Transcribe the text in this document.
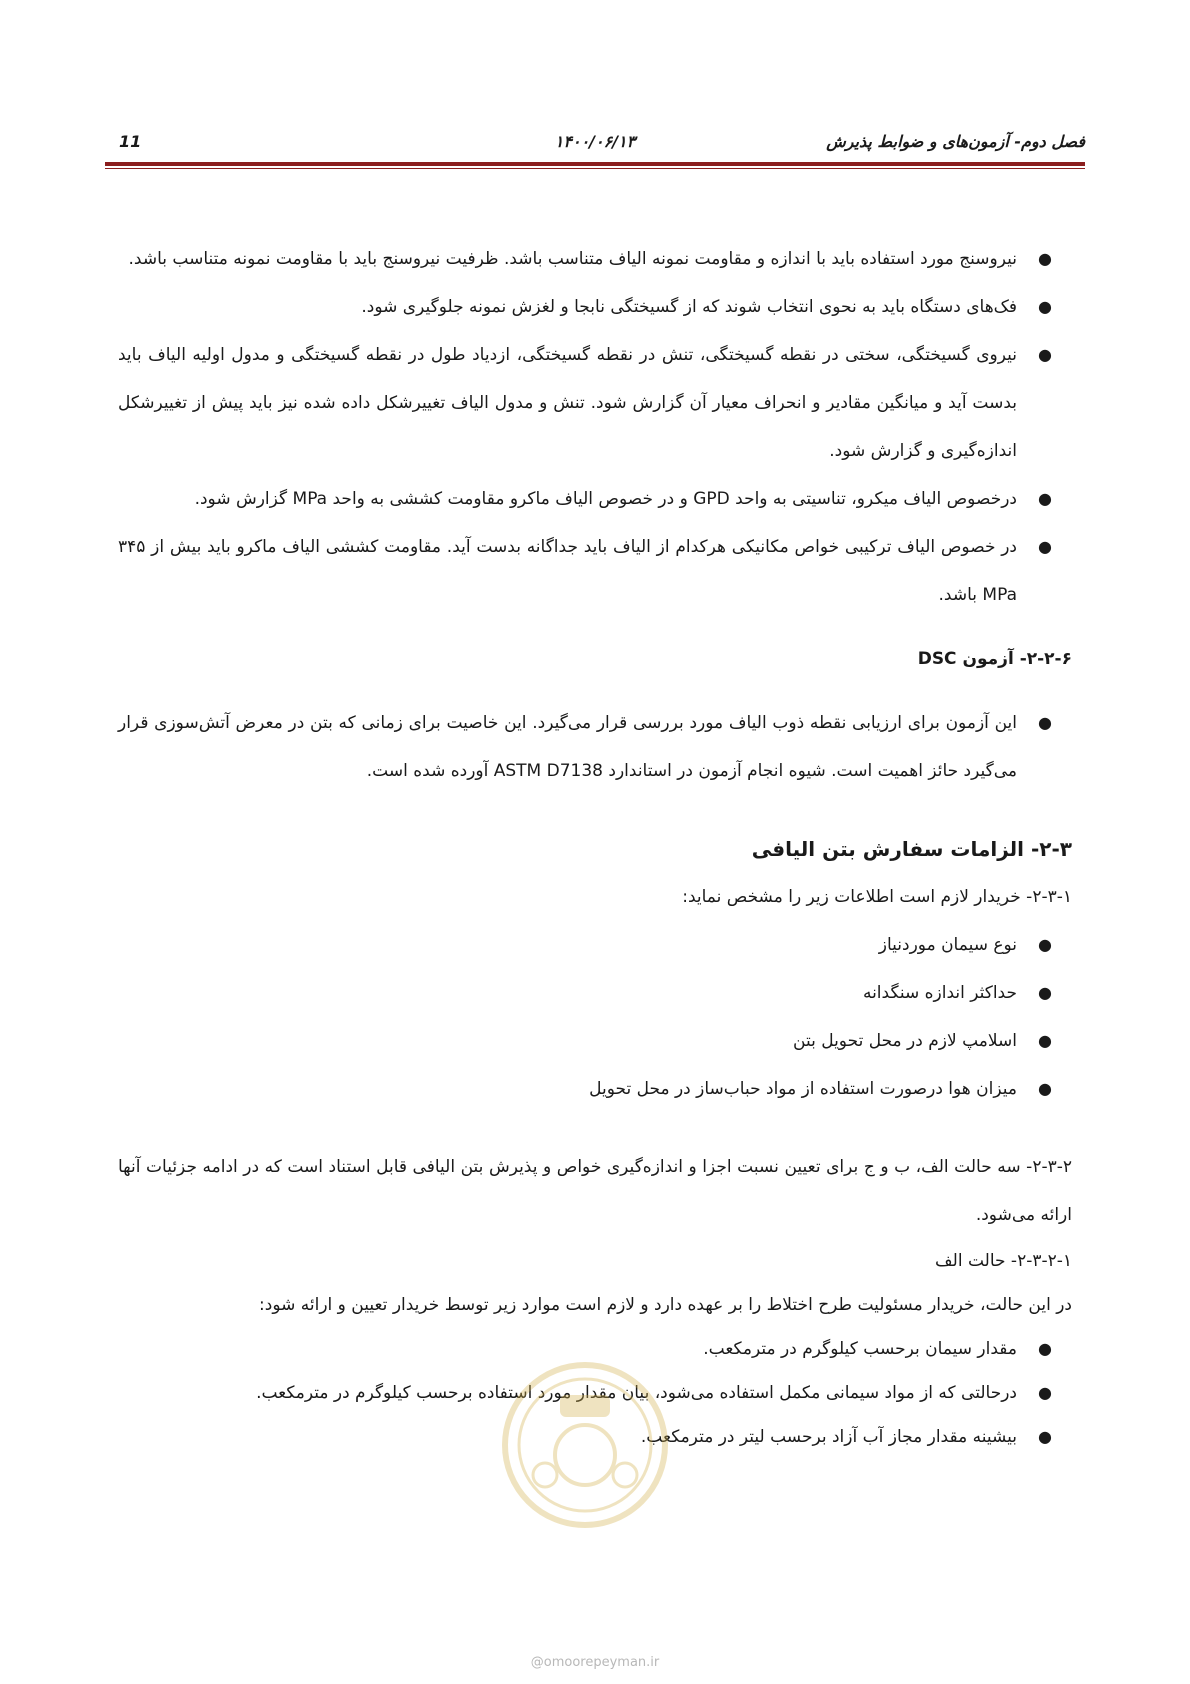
فصل دوم- آزمون‌های و ضوابط پذیرش
۱۴۰۰/۰۶/۱۳
11
●
نیروسنج مورد استفاده باید با اندازه و مقاومت نمونه الیاف متناسب باشد. ظرفیت نیروسنج باید با مقاومت نمونه متناسب باشد.
●
فک‌های دستگاه باید به نحوی انتخاب شوند که از گسیختگی نابجا و لغزش نمونه جلوگیری شود.
●
نیروی گسیختگی، سختی در نقطه گسیختگی، تنش در نقطه گسیختگی، ازدیاد طول در نقطه گسیختگی و مدول اولیه الیاف باید بدست آید و میانگین مقادیر و انحراف معیار آن گزارش شود. تنش و مدول الیاف تغییرشکل داده شده نیز باید پیش از تغییرشکل اندازه‌گیری و گزارش شود.
●
درخصوص الیاف میکرو، تناسیتی به واحد GPD و در خصوص الیاف ماکرو مقاومت کششی به واحد MPa گزارش شود.
●
در خصوص الیاف ترکیبی خواص مکانیکی هرکدام از الیاف باید جداگانه بدست آید. مقاومت کششی الیاف ماکرو باید بیش از ۳۴۵ MPa باشد.
۲-۲-۶- آزمون DSC
●
این آزمون برای ارزیابی نقطه ذوب الیاف مورد بررسی قرار می‌گیرد. این خاصیت برای زمانی که بتن در معرض آتش‌سوزی قرار می‌گیرد حائز اهمیت است. شیوه انجام آزمون در استاندارد ASTM D7138 آورده شده است.
۲-۳- الزامات سفارش بتن الیافی

۲-۳-۱- خریدار لازم است اطلاعات زیر را مشخص نماید:

●
نوع سیمان موردنیاز
●
حداکثر اندازه سنگدانه
●
اسلامپ لازم در محل تحویل بتن
●
میزان هوا درصورت استفاده از مواد حباب‌ساز در محل تحویل

۲-۳-۲- سه حالت الف، ب و ج برای تعیین نسبت اجزا و اندازه‌گیری خواص و پذیرش بتن الیافی قابل استناد است که در ادامه جزئیات آنها ارائه می‌شود.

۲-۳-۲-۱- حالت الف

در این حالت، خریدار مسئولیت طرح اختلاط را بر عهده دارد و لازم است موارد زیر توسط خریدار تعیین و ارائه شود:

●
مقدار سیمان برحسب کیلوگرم در مترمکعب.
●
درحالتی که از مواد سیمانی مکمل استفاده می‌شود، بیان مقدار مورد استفاده برحسب کیلوگرم در مترمکعب.
●
بیشینه مقدار مجاز آب آزاد برحسب لیتر در مترمکعب.
@omoorepeyman.ir
